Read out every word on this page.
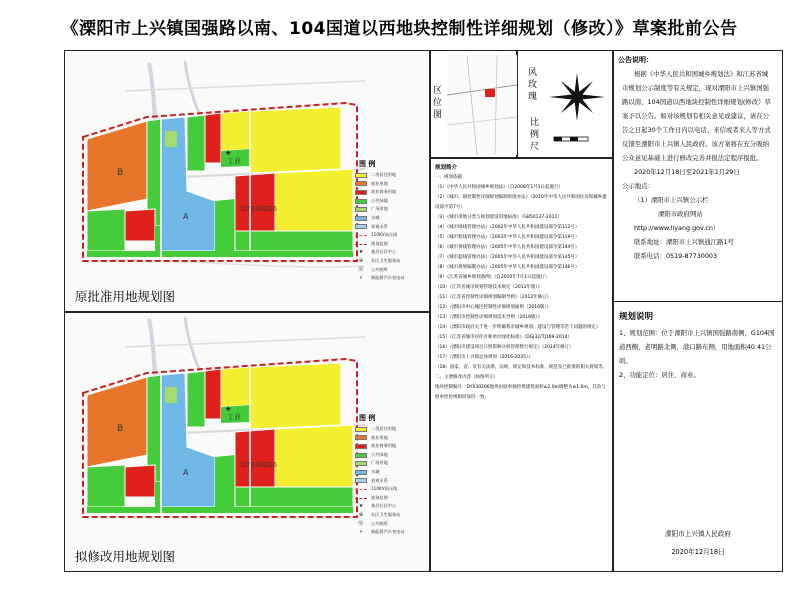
《溧阳市上兴镇国强路以南、104国道以西地块控制性详细规划（修改）》草案批前公告
B
A
DY030206
工业
★
图 例
二类居住用地
商业用地
商业商务用地
公共绿地
广场用地
水域
景观水系
110KV高压线
规划范围
★	基层社区中心
⊕	社区卫生服务站
Ⓦ	公共厕所
⚡	新能源汽车充电站
原批准用地规划图
B
A
DY030206
工业
★
图 例
二类居住用地
商业用地
商业商务用地
公共绿地
广场用地
水域
景观水系
110KV高压线
规划范围
★	基层社区中心
⊕	社区卫生服务站
Ⓦ	公共厕所
⚡	新能源汽车充电站
拟修改用地规划图
区位图
风玫瑰
比例尺
规划简介
一、规划依据
（1）《中华人民共和国城乡规划法》（自2008年1月1日起施行）
（2）《城市、镇控制性详细规划编制审批办法》（2010年中华人民共和国住房和城乡建设部令第7号）
（3）《城市用地分类与规划建设用地标准》（GB50137-2011）
（4）《城市绿线管理办法》（2002年中华人民共和国建设部令第112号）
（5）《城市紫线管理办法》（2003年中华人民共和国建设部令第119号）
（6）《城市黄线管理办法》（2005年中华人民共和国建设部令第144号）
（7）《城市蓝线管理办法》（2005年中华人民共和国建设部令第145号）
（8）《城市规划编制办法》（2005年中华人民共和国建设部令第146号）
（9）《江苏省城乡规划条例》（自2010年7月1日起施行）
（10）《江苏省城市规划管理技术规定（2011年版）》
（11）《江苏省控制性详细规划编制导则》（2012年修订）
（12）《溧阳市中心城区控制性详细规划通则（2016版）》
（13）《溧阳市控制性详细规划技术导则（2016版）》
（14）《溧阳市政府关于进一步明确我市城乡规划、建设与管理等若干问题的规定》
（15）《江苏省城市居住区和单位绿化标准》（DGJ32/TJ169-2014）
（16）《溧阳市建设项目日照影响分析管理暂行规定》（2014年修订）
（17）《溧阳市上兴镇总体规划（2016-2035）》
（18）国家、省、市有关法律、法规、规定和技术标准、规范及已批准的相关规划等。
二、主要修改内容（如图所示）
地块控制编号：DY030206地块由原单独控规建筑面积≤2.0m调整为≤1.6m，其余与原单控控规相同保持一致。
公告说明：

根据《中华人民共和国城乡规划法》和江苏省城市规划公示制度等有关规定，现对溧阳市上兴镇国强路以南、104国道以西地块控制性详细规划(修改）草案予以公告。如对该规划有相关意见或建议，请在公告之日起30个工作日内以电话、来信或者来人等方式反馈至溧阳市上兴镇人民政府。该方案将在充分吸纳公众意见基础上进行修改完善并报法定程序报批。

2020年12月18日至2021年1月29日

公示地点：

（1）溧阳市上兴镇公示栏

溧阳市政府网站

http://www.liyang.gov.cn）

联系地址：溧阳市上兴镇通江路1号

联系电话：0519-87730003

规划说明
1、规划范围：位于溧阳市上兴镇国强路南侧，G104国道西侧，老明路北侧，港口路东侧，用地面积40.41公顷。
2、功能定位：居住、商业。
溧阳市上兴镇人民政府
2020年12月18日
